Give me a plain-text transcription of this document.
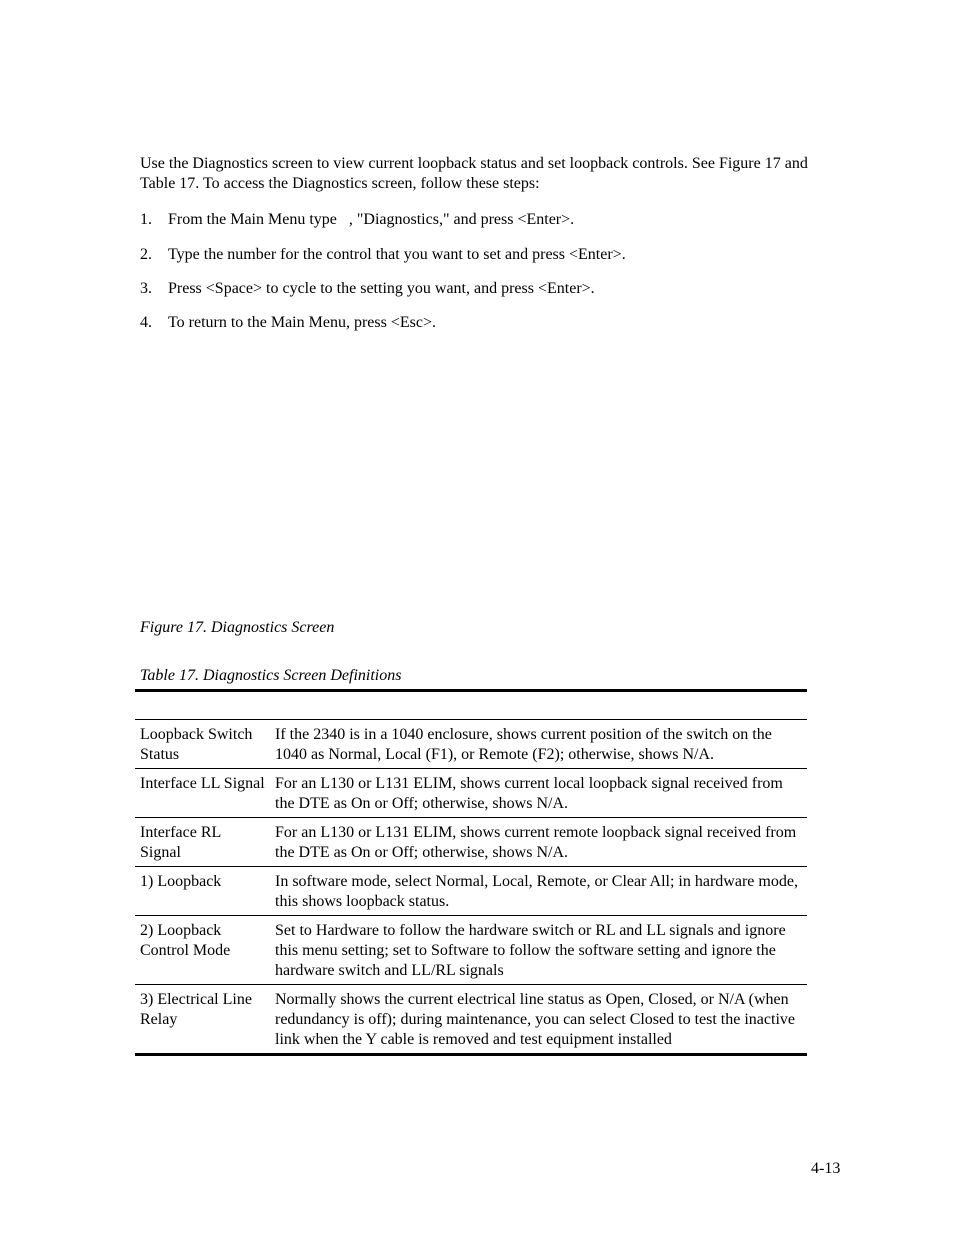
Use the Diagnostics screen to view current loopback status and set loopback controls. See Figure 17 and Table 17. To access the Diagnostics screen, follow these steps:

1. From the Main Menu type   , "Diagnostics," and press <Enter>.
2. Type the number for the control that you want to set and press <Enter>.
3. Press <Space> to cycle to the setting you want, and press <Enter>.
4. To return to the Main Menu, press <Esc>.

Figure 17. Diagnostics Screen

Table 17. Diagnostics Screen Definitions

Loopback Switch Status	If the 2340 is in a 1040 enclosure, shows current position of the switch on the 1040 as Normal, Local (F1), or Remote (F2); otherwise, shows N/A.
Interface LL Signal	For an L130 or L131 ELIM, shows current local loopback signal received from the DTE as On or Off; otherwise, shows N/A.
Interface RL Signal	For an L130 or L131 ELIM, shows current remote loopback signal received from the DTE as On or Off; otherwise, shows N/A.
1) Loopback	In software mode, select Normal, Local, Remote, or Clear All; in hardware mode, this shows loopback status.
2) Loopback Control Mode	Set to Hardware to follow the hardware switch or RL and LL signals and ignore this menu setting; set to Software to follow the software setting and ignore the hardware switch and LL/RL signals
3) Electrical Line Relay	Normally shows the current electrical line status as Open, Closed, or N/A (when redundancy is off); during maintenance, you can select Closed to test the inactive link when the Y cable is removed and test equipment installed

4-13
